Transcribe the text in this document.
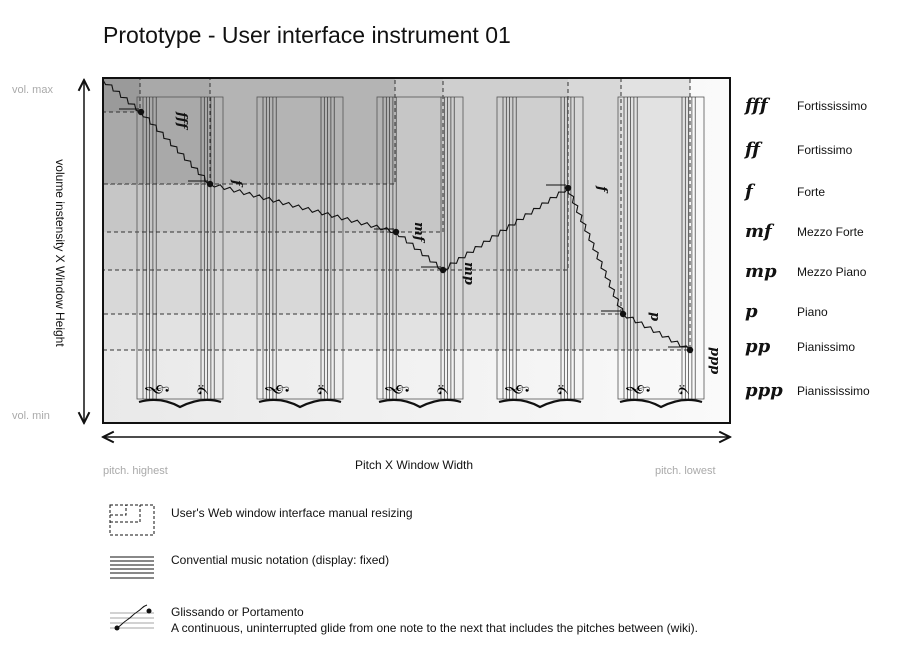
Prototype - User interface instrument 01
vol. max
vol. min
volume instensity X Window Height
Pitch X Window Width
pitch. highest	pitch. lowest
𝄞 𝄢 𝄞 𝄢 𝄞 𝄢 𝄞 𝄢 𝄞 𝄢
fff
f
mf
mp
f
p
ppp
fff Fortississimo
ff	Fortissimo
f	Forte
mf Mezzo Forte
mp Mezzo Piano
p	Piano
pp Pianissimo
ppp Pianississimo
User's Web window interface manual resizing
Convential music notation (display: fixed)
Glissando or Portamento
A continuous, uninterrupted glide from one note to the next that includes the pitches between (wiki).
